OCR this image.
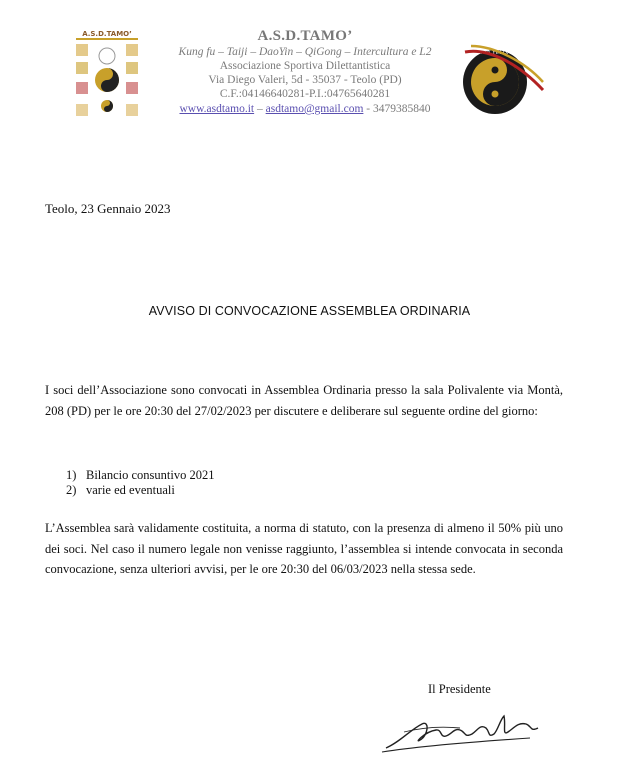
A.S.D.TAMO’	A.S.D.TAMO’
Kung fu – Taiji – DaoYin – QiGong – Intercultura e L2
Associazione Sportiva Dilettantistica
Via Diego Valeri, 5d - 35037 - Teolo (PD)
C.F.:04146640281-P.I.:04765640281
www.asdtamo.it – asdtamo@gmail.com - 3479385840
ACCADEMIA YIN DAO TAMO
Teolo, 23 Gennaio 2023
AVVISO DI CONVOCAZIONE ASSEMBLEA ORDINARIA
I soci dell’Associazione sono convocati in Assemblea Ordinaria presso la sala Polivalente via Montà, 208 (PD) per le ore 20:30 del 27/02/2023 per discutere e deliberare sul seguente ordine del giorno:
1) Bilancio consuntivo 2021
2) varie ed eventuali
L’Assemblea sarà validamente costituita, a norma di statuto, con la presenza di almeno il 50% più uno dei soci. Nel caso il numero legale non venisse raggiunto, l’assemblea si intende convocata in seconda convocazione, senza ulteriori avvisi, per le ore 20:30 del 06/03/2023 nella stessa sede.
Il Presidente
